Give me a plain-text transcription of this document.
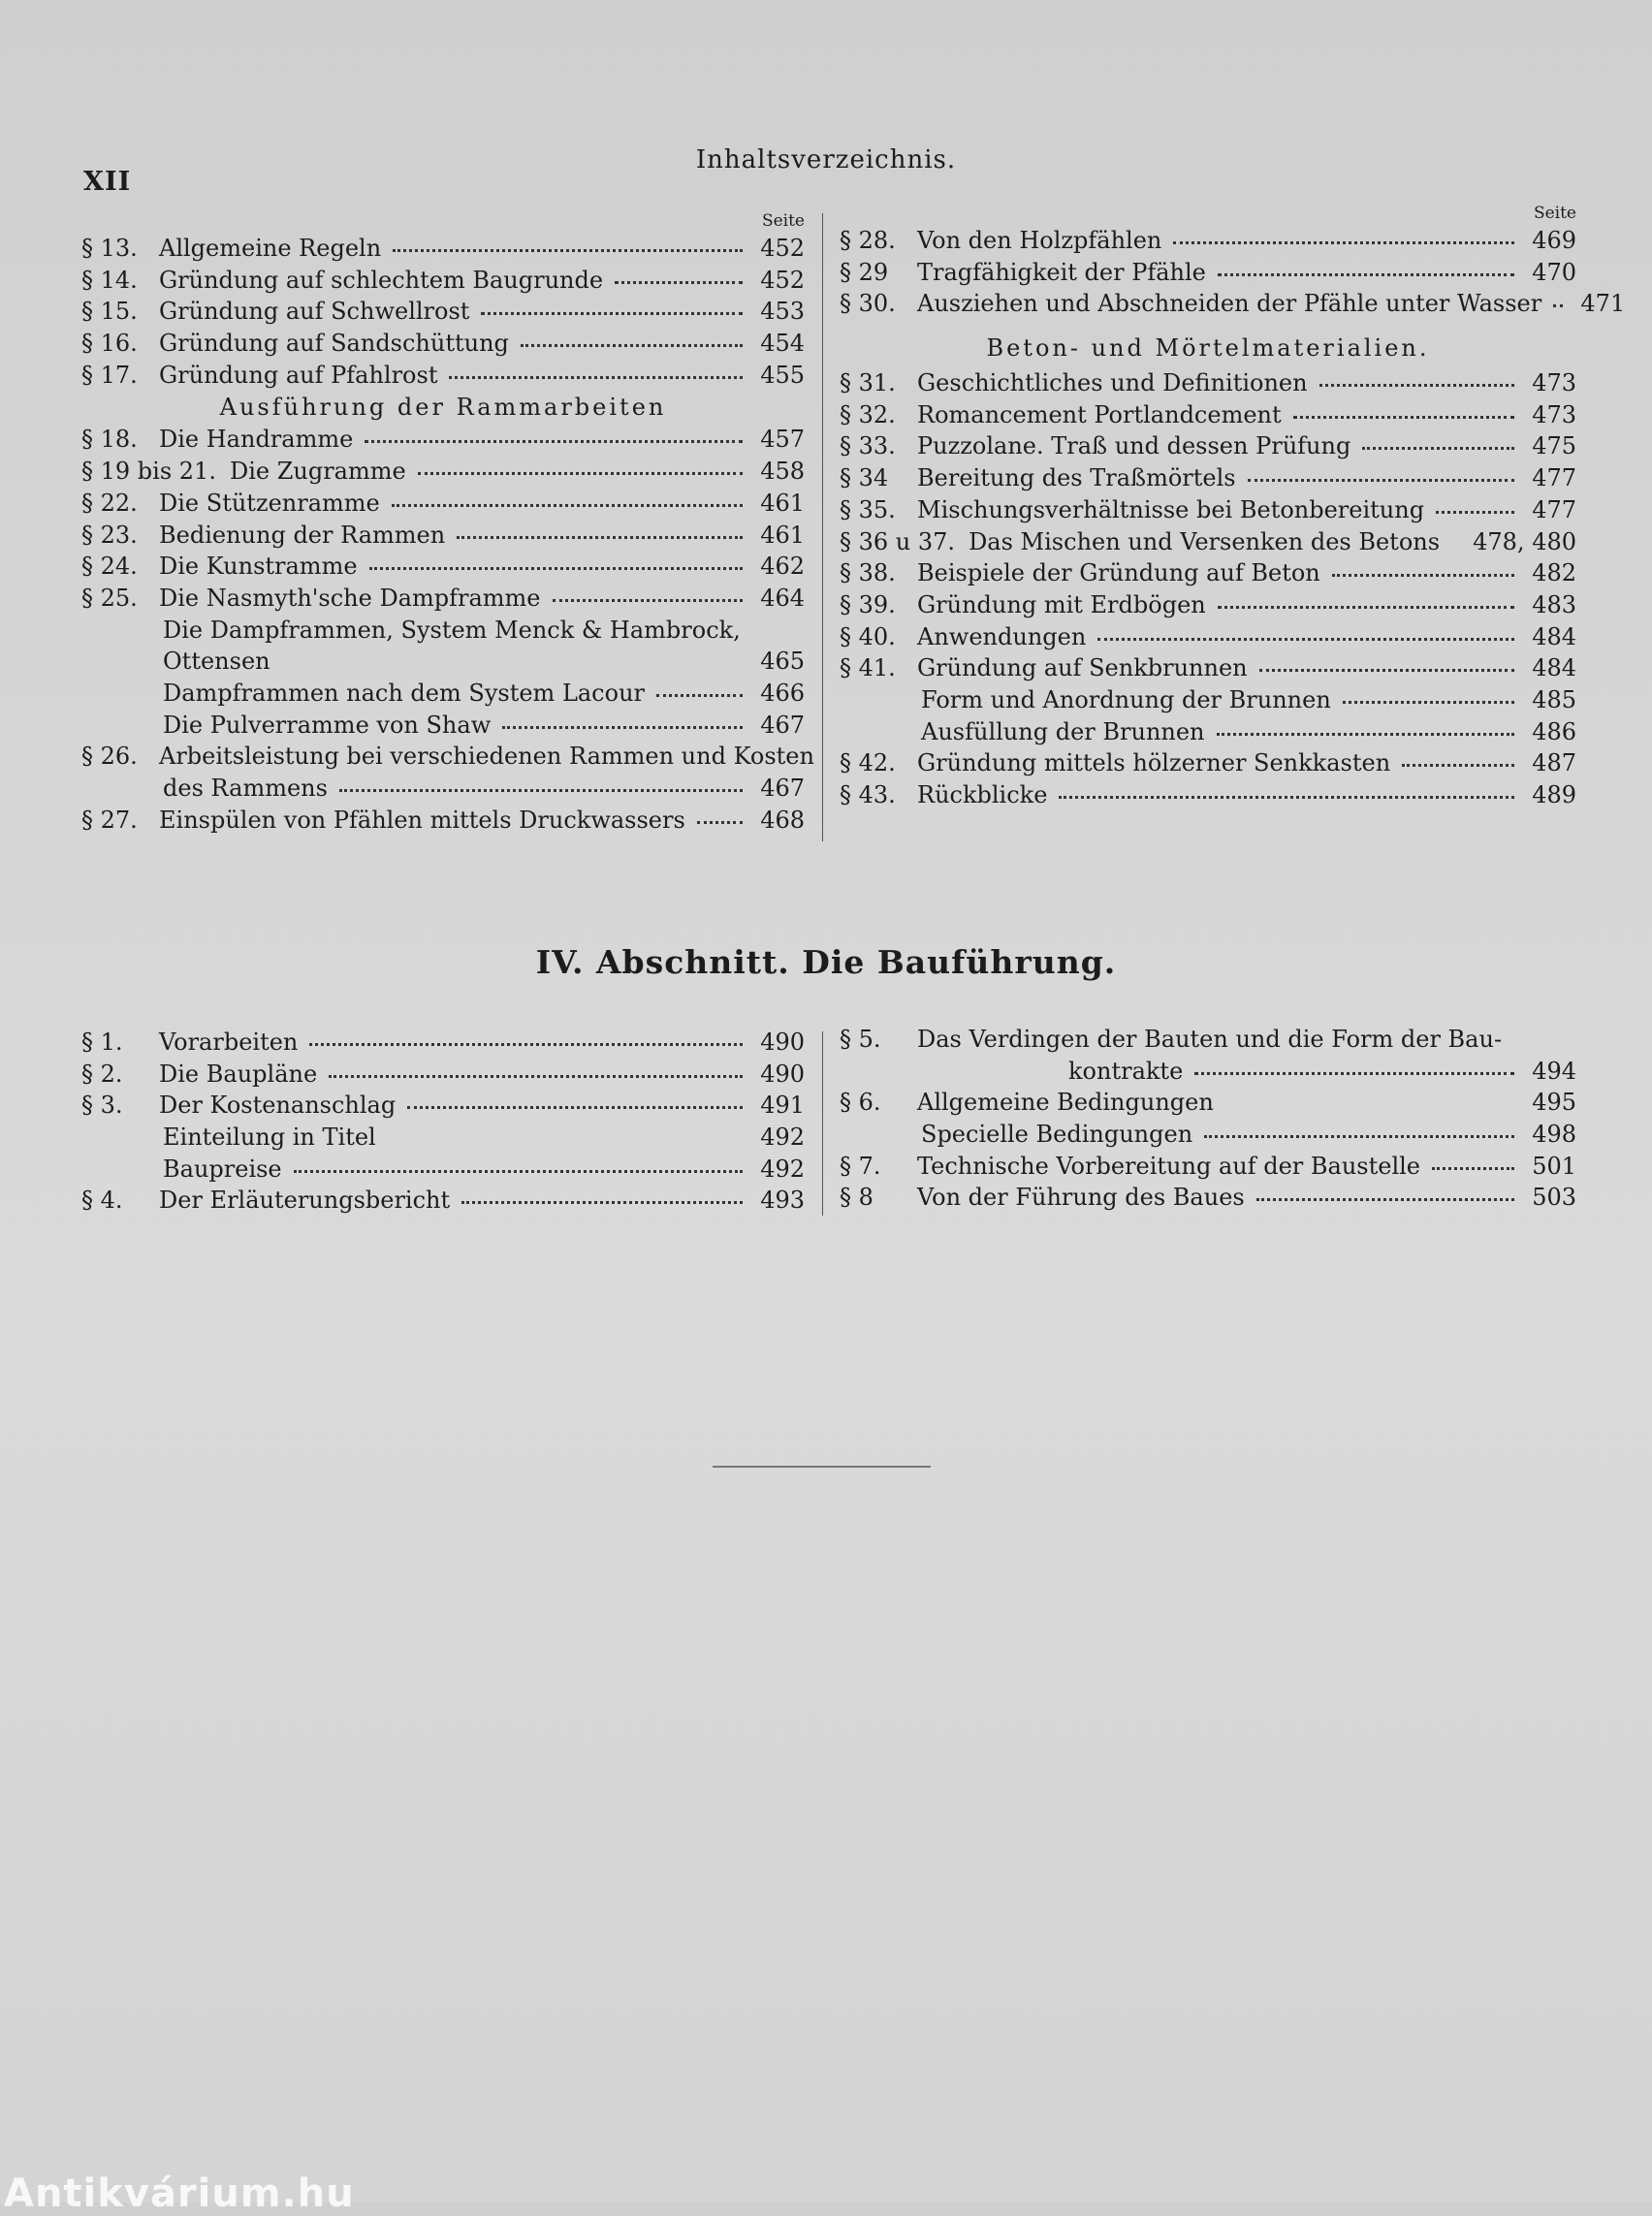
XII
Inhaltsverzeichnis.
Seite
§ 13. Allgemeine Regeln	452
§ 14. Gründung auf schlechtem Baugrunde	452
§ 15. Gründung auf Schwellrost	453
§ 16. Gründung auf Sandschüttung	454
§ 17. Gründung auf Pfahlrost	455
Ausführung der Rammarbeiten
§ 18. Die Handramme	457
§ 19 bis 21. Die Zugramme	458
§ 22. Die Stützenramme	461
§ 23. Bedienung der Rammen	461
§ 24. Die Kunstramme	462
§ 25. Die Nasmyth'sche Dampframme	464
Die Dampframmen, System Menck & Hambrock,
Ottensen	465
Dampframmen nach dem System Lacour	466
Die Pulverramme von Shaw	467
§ 26. Arbeitsleistung bei verschiedenen Rammen und Kosten
des Rammens	467
§ 27. Einspülen von Pfählen mittels Druckwassers	468
Seite
§ 28. Von den Holzpfählen	469
§ 29	Tragfähigkeit der Pfähle	470
§ 30. Ausziehen und Abschneiden der Pfähle unter Wasser	471
Beton- und Mörtelmaterialien.
§ 31. Geschichtliches und Definitionen	473
§ 32. Romancement Portlandcement	473
§ 33. Puzzolane. Traß und dessen Prüfung	475
§ 34	Bereitung des Traßmörtels	477
§ 35. Mischungsverhältnisse bei Betonbereitung	477
§ 36 u 37. Das Mischen und Versenken des Betons 478, 480
§ 38. Beispiele der Gründung auf Beton	482
§ 39. Gründung mit Erdbögen	483
§ 40. Anwendungen	484
§ 41. Gründung auf Senkbrunnen	484
Form und Anordnung der Brunnen	485
Ausfüllung der Brunnen	486
§ 42. Gründung mittels hölzerner Senkkasten	487
§ 43. Rückblicke	489
IV. Abschnitt. Die Bauführung.
§ 1.	Vorarbeiten	490
§ 2.	Die Baupläne	490
§ 3.	Der Kostenanschlag	491
Einteilung in Titel	492
Baupreise	492
§ 4.	Der Erläuterungsbericht	493
§ 5.	Das Verdingen der Bauten und die Form der Bau-
kontrakte	494
§ 6.	Allgemeine Bedingungen	495
Specielle Bedingungen	498
§ 7.	Technische Vorbereitung auf der Baustelle	501
§ 8	Von der Führung des Baues	503
Antikvárium.hu
